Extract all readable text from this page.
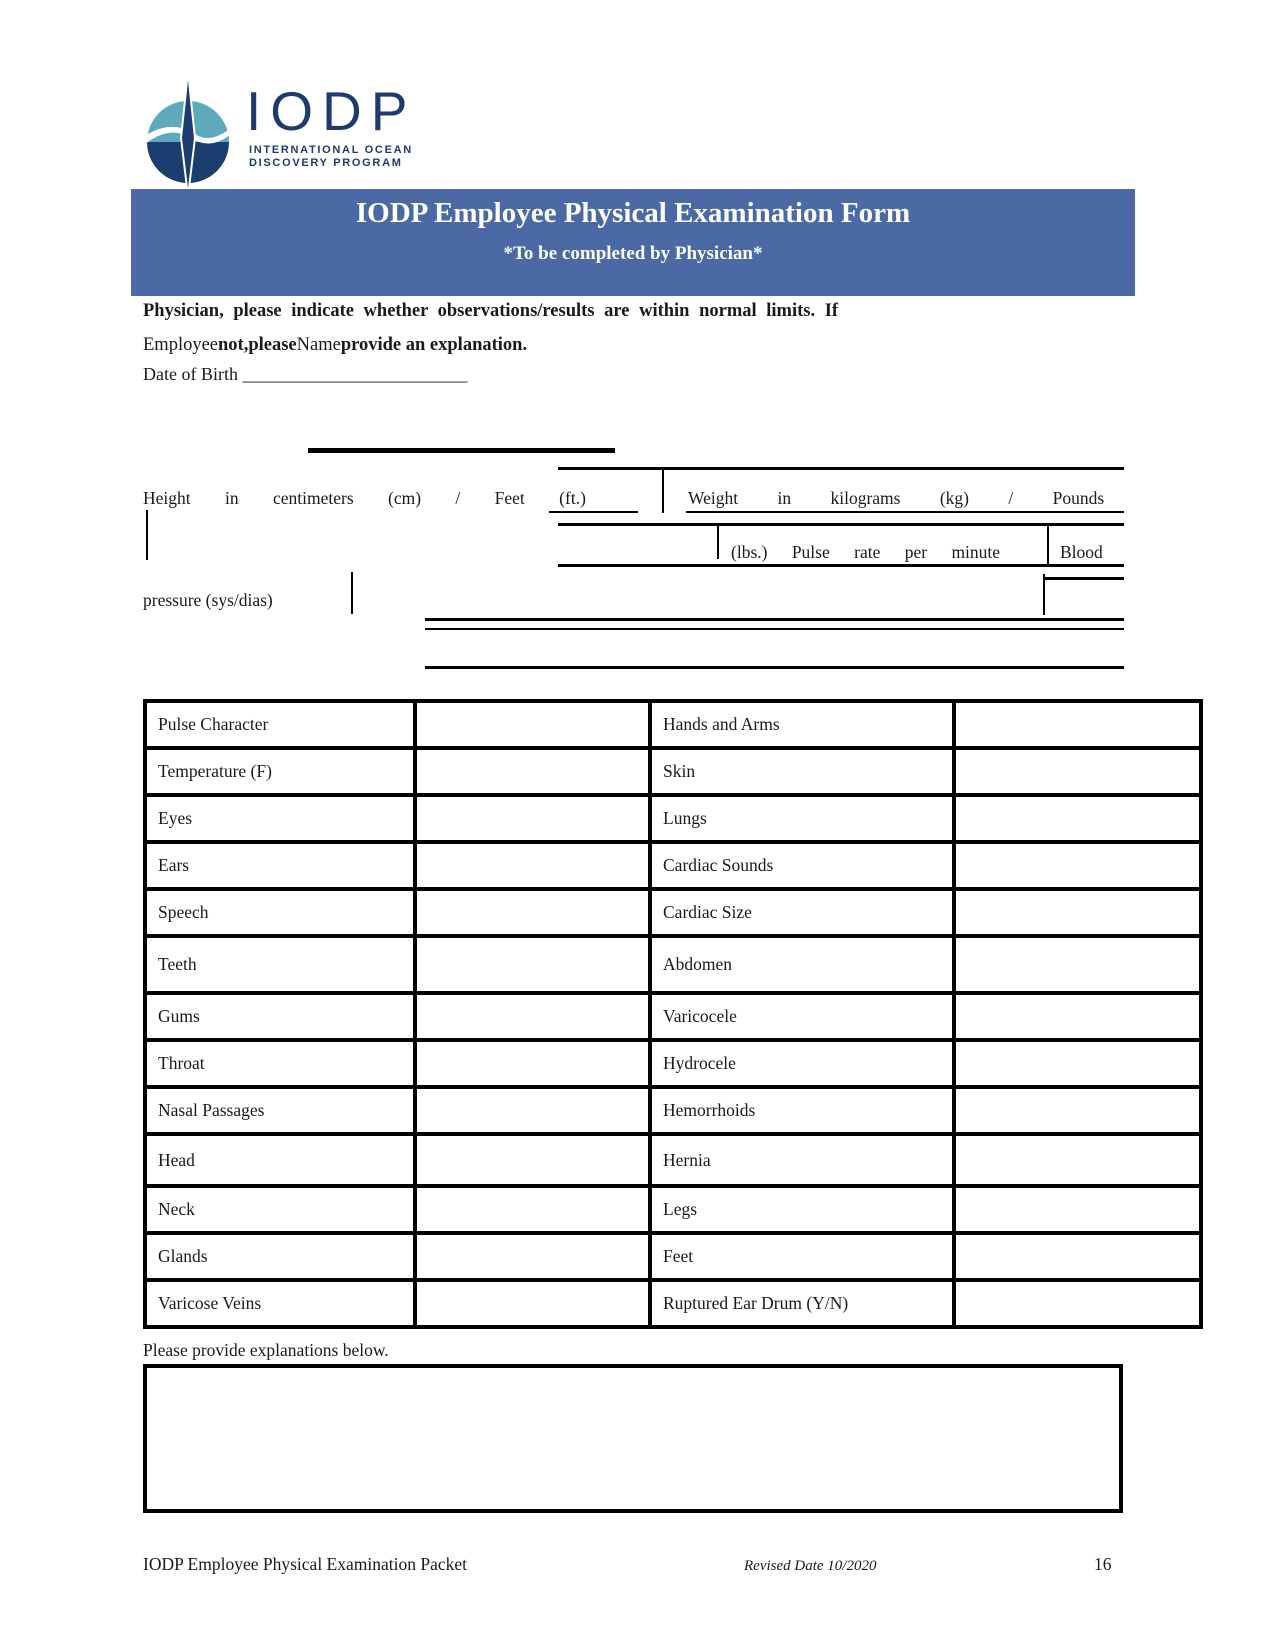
IODP
INTERNATIONAL OCEAN
DISCOVERY PROGRAM
IODP Employee Physical Examination Form
*To be completed by Physician*
Physician, please indicate whether observations/results are within normal limits. If
Employeenot,pleaseNameprovide an explanation.
Date of Birth _________________________
Height in centimeters (cm) / Feet (ft.)	Weight in kilograms (kg) / Pounds
(lbs.) Pulse rate per minute	Blood
pressure (sys/dias)
Pulse Character		Hands and Arms	
Temperature (F)		Skin	
Eyes		Lungs	
Ears		Cardiac Sounds	
Speech		Cardiac Size	
Teeth		Abdomen	
Gums		Varicocele	
Throat		Hydrocele	
Nasal Passages		Hemorrhoids	
Head		Hernia	
Neck		Legs	
Glands		Feet	
Varicose Veins		Ruptured Ear Drum (Y/N)	
Please provide explanations below.
IODP Employee Physical Examination Packet	Revised Date 10/2020	16
